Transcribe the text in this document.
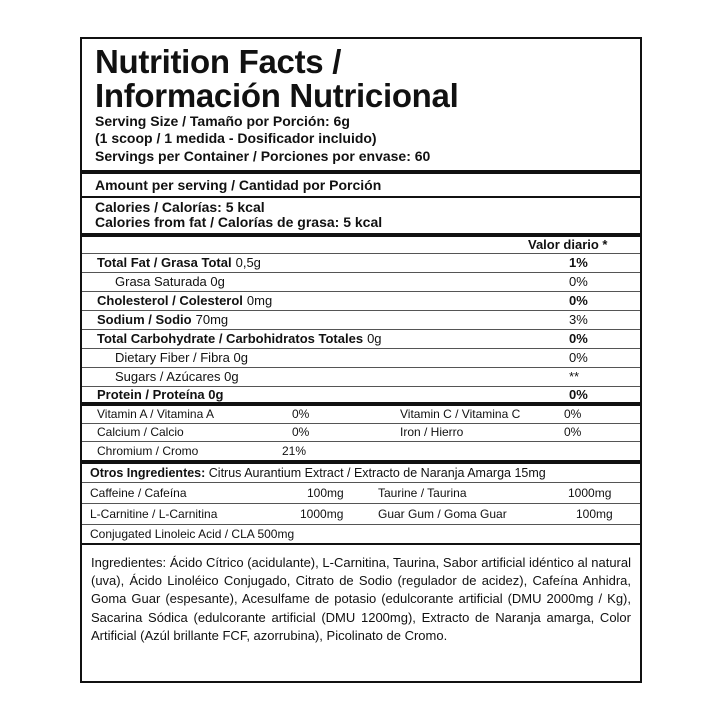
Nutrition Facts /
Información Nutricional
Serving Size / Tamaño por Porción: 6g
(1 scoop / 1 medida - Dosificador incluido)
Servings per Container / Porciones por envase: 60
Amount per serving / Cantidad por Porción
Calories / Calorías: 5 kcal
Calories from fat / Calorías de grasa: 5 kcal
Valor diario *
Total Fat / Grasa Total 0,5g	1%
Grasa Saturada 0g	0%
Cholesterol / Colesterol 0mg	0%
Sodium / Sodio 70mg	3%
Total Carbohydrate / Carbohidratos Totales 0g	0%
Dietary Fiber / Fibra 0g	0%
Sugars / Azúcares 0g	**
Protein / Proteína 0g	0%
Vitamin A / Vitamina A	0%	Vitamin C / Vitamina C	0%
Calcium / Calcio	0%	Iron / Hierro	0%
Chromium / Cromo	21%
Otros Ingredientes: Citrus Aurantium Extract / Extracto de Naranja Amarga 15mg
Caffeine / Cafeína	100mg	Taurine / Taurina	1000mg
L-Carnitine / L-Carnitina	1000mg	Guar Gum / Goma Guar	100mg
Conjugated Linoleic Acid / CLA 500mg
Ingredientes: Ácido Cítrico (acidulante), L-Carnitina, Taurina, Sabor artificial idéntico al natural (uva), Ácido Linoléico Conjugado, Citrato de Sodio (regulador de acidez), Cafeína Anhidra, Goma Guar (espesante), Acesulfame de potasio (edulcorante artificial (DMU 2000mg / Kg), Sacarina Sódica (edulcorante artificial (DMU 1200mg), Extracto de Naranja amarga, Color Artificial (Azúl brillante FCF, azorrubina), Picolinato de Cromo.
